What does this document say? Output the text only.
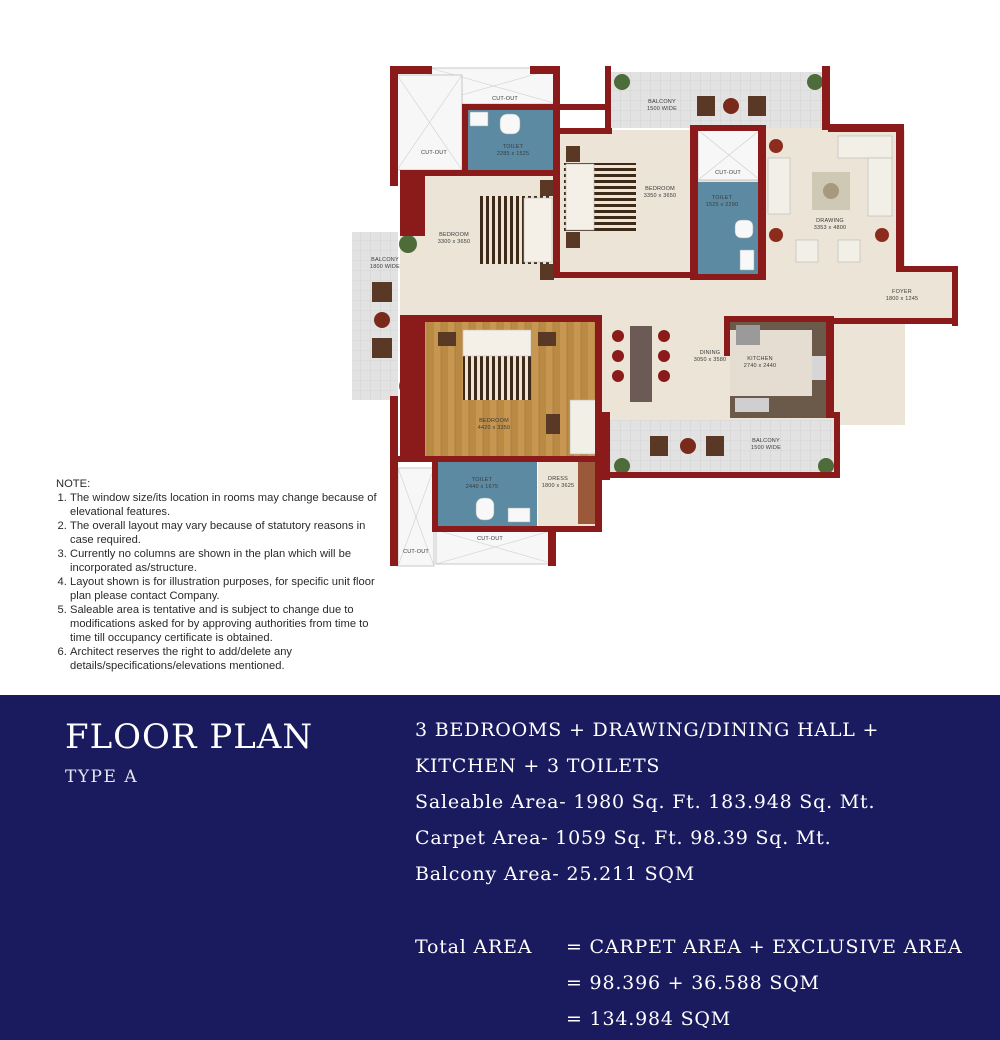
CUT-OUT
CUT-OUT
TOILET
2285 x 1525
BEDROOM
3350 x 3650
CUT-OUT
TOILET
1525 x 2290
BEDROOM
3300 x 3650
BALCONY
1500 WIDE
DRAWING
3353 x 4800
FOYER
1800 x 1245
BALCONY
1800 WIDE
DINING
3050 x 3580	KITCHEN
2740 x 2440
BEDROOM
4420 x 3350
BALCONY
1500 WIDE
TOILET
2440 x 1675
DRESS
1800 x 3625
CUT-OUT
CUT-OUT
NOTE:
1. The window size/its location in rooms may change because of elevational features.
2. The overall layout may vary because of statutory reasons in case required.
3. Currently no columns are shown in the plan which will be incorporated as/structure.
4. Layout shown is for illustration purposes, for specific unit floor plan please contact Company.
5. Saleable area is tentative and is subject to change due to modifications asked for by approving authorities from time to time till occupancy certificate is obtained.
6. Architect reserves the right to add/delete any details/specifications/elevations mentioned.
FLOOR PLAN
TYPE A
3 BEDROOMS + DRAWING/DINING HALL +
KITCHEN + 3 TOILETS
Saleable Area- 1980 Sq. Ft. 183.948 Sq. Mt.
Carpet Area- 1059 Sq. Ft. 98.39 Sq. Mt.
Balcony Area- 25.211 SQM
Total AREA = CARPET AREA + EXCLUSIVE AREA
= 98.396 + 36.588 SQM
= 134.984 SQM
